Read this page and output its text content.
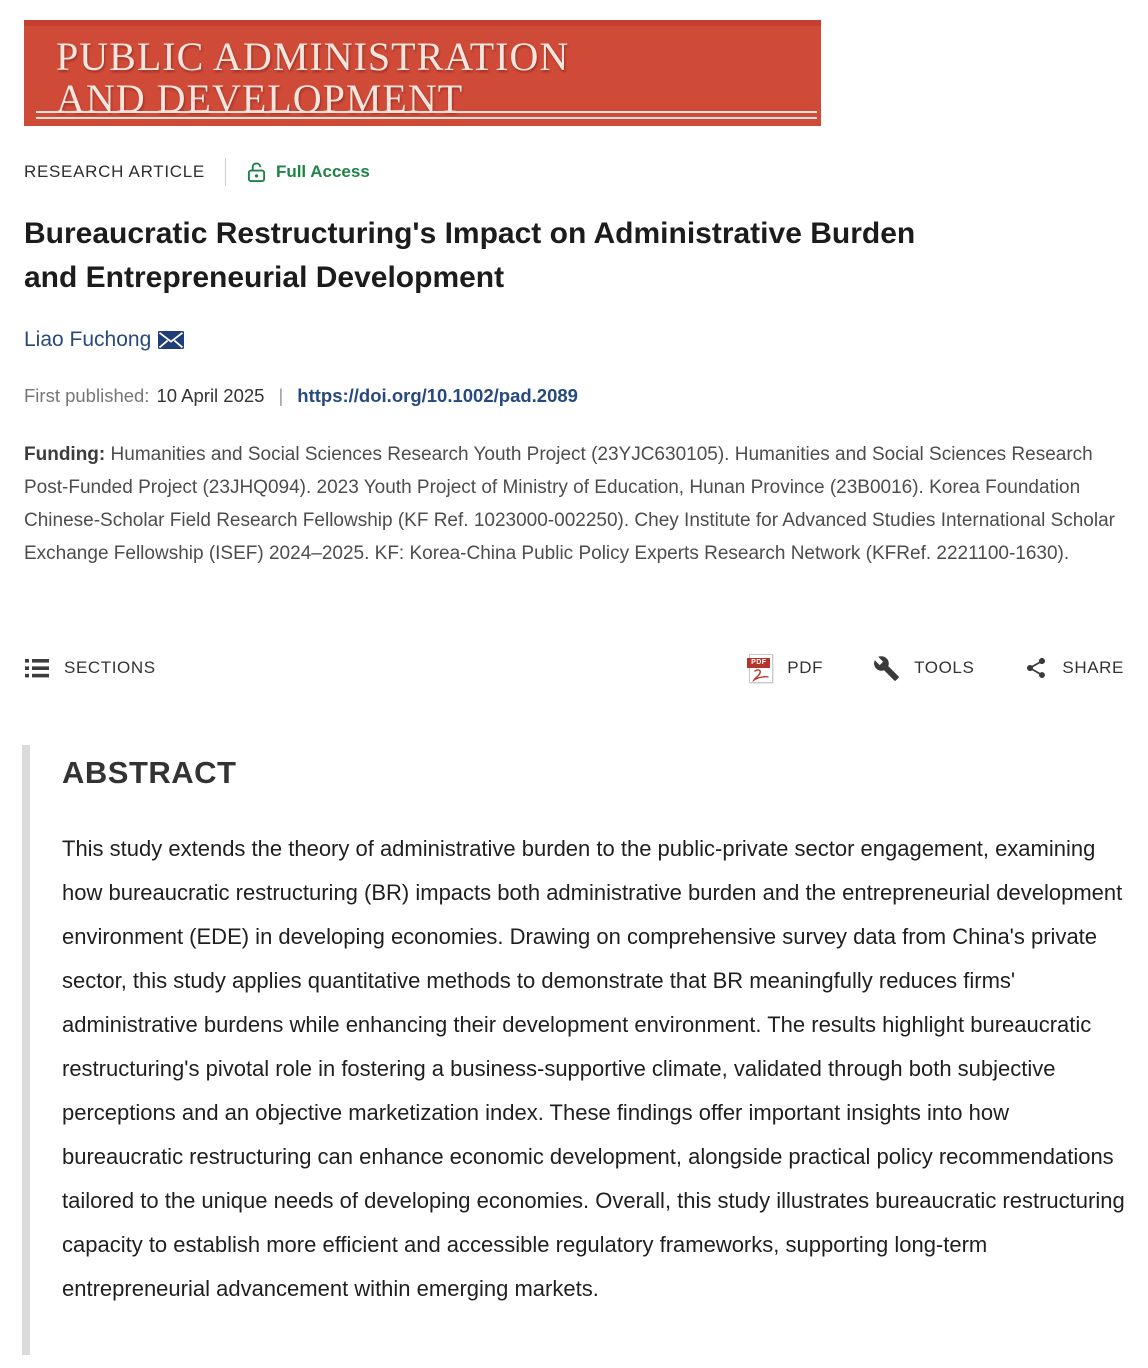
PUBLIC ADMINISTRATION
AND DEVELOPMENT
RESEARCH ARTICLE	Full Access
Bureaucratic Restructuring's Impact on Administrative Burden
and Entrepreneurial Development
Liao Fuchong
First published: 10 April 2025 | https://doi.org/10.1002/pad.2089

Funding: Humanities and Social Sciences Research Youth Project (23YJC630105). Humanities and Social Sciences Research Post-Funded Project (23JHQ094). 2023 Youth Project of Ministry of Education, Hunan Province (23B0016). Korea Foundation Chinese-Scholar Field Research Fellowship (KF Ref. 1023000-002250). Chey Institute for Advanced Studies International Scholar Exchange Fellowship (ISEF) 2024–2025. KF: Korea-China Public Policy Experts Research Network (KFRef. 2221100-1630).

SECTIONS	PDF PDF	TOOLS	SHARE
ABSTRACT

This study extends the theory of administrative burden to the public-private sector engagement, examining how bureaucratic restructuring (BR) impacts both administrative burden and the entrepreneurial development environment (EDE) in developing economies. Drawing on comprehensive survey data from China's private sector, this study applies quantitative methods to demonstrate that BR meaningfully reduces firms' administrative burdens while enhancing their development environment. The results highlight bureaucratic restructuring's pivotal role in fostering a business-supportive climate, validated through both subjective perceptions and an objective marketization index. These findings offer important insights into how bureaucratic restructuring can enhance economic development, alongside practical policy recommendations tailored to the unique needs of developing economies. Overall, this study illustrates bureaucratic restructuring capacity to establish more efficient and accessible regulatory frameworks, supporting long-term entrepreneurial advancement within emerging markets.
